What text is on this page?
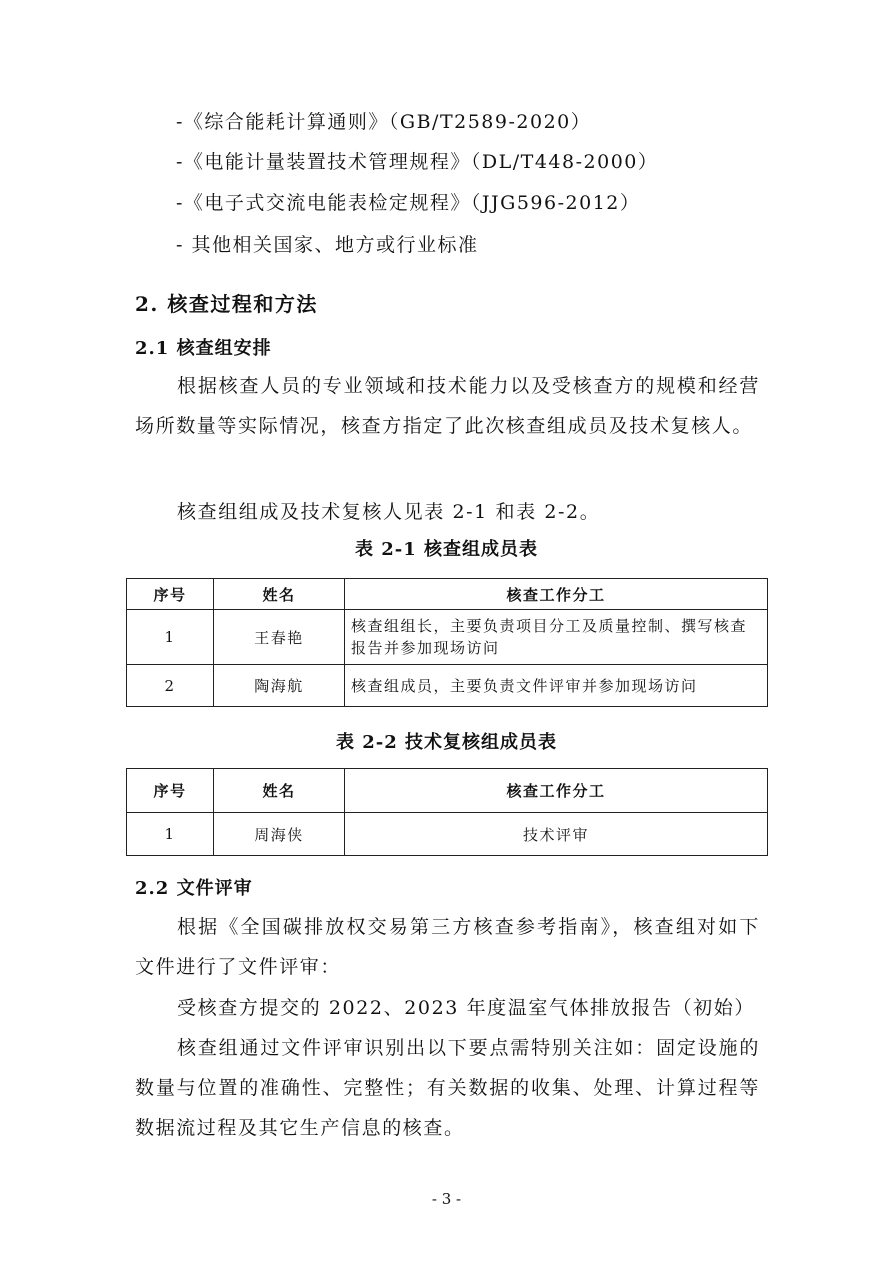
-《综合能耗计算通则》（GB/T2589-2020）
-《电能计量装置技术管理规程》（DL/T448-2000）
-《电子式交流电能表检定规程》（JJG596-2012）
- 其他相关国家、地方或行业标准
2. 核查过程和方法
2.1 核查组安排
根据核查人员的专业领域和技术能力以及受核查方的规模和经营场所数量等实际情况，核查方指定了此次核查组成员及技术复核人。
核查组组成及技术复核人见表 2-1 和表 2-2。
表 2-1 核查组成员表
序号	姓名	核查工作分工
1	王春艳	核查组组长，主要负责项目分工及质量控制、撰写核查报告并参加现场访问
2	陶海航	核查组成员，主要负责文件评审并参加现场访问
表 2-2 技术复核组成员表
序号	姓名	核查工作分工
1	周海侠	技术评审
2.2 文件评审
根据《全国碳排放权交易第三方核查参考指南》，核查组对如下文件进行了文件评审：
受核查方提交的 2022、2023 年度温室气体排放报告（初始）
核查组通过文件评审识别出以下要点需特别关注如：固定设施的数量与位置的准确性、完整性；有关数据的收集、处理、计算过程等数据流过程及其它生产信息的核查。
- 3 -
